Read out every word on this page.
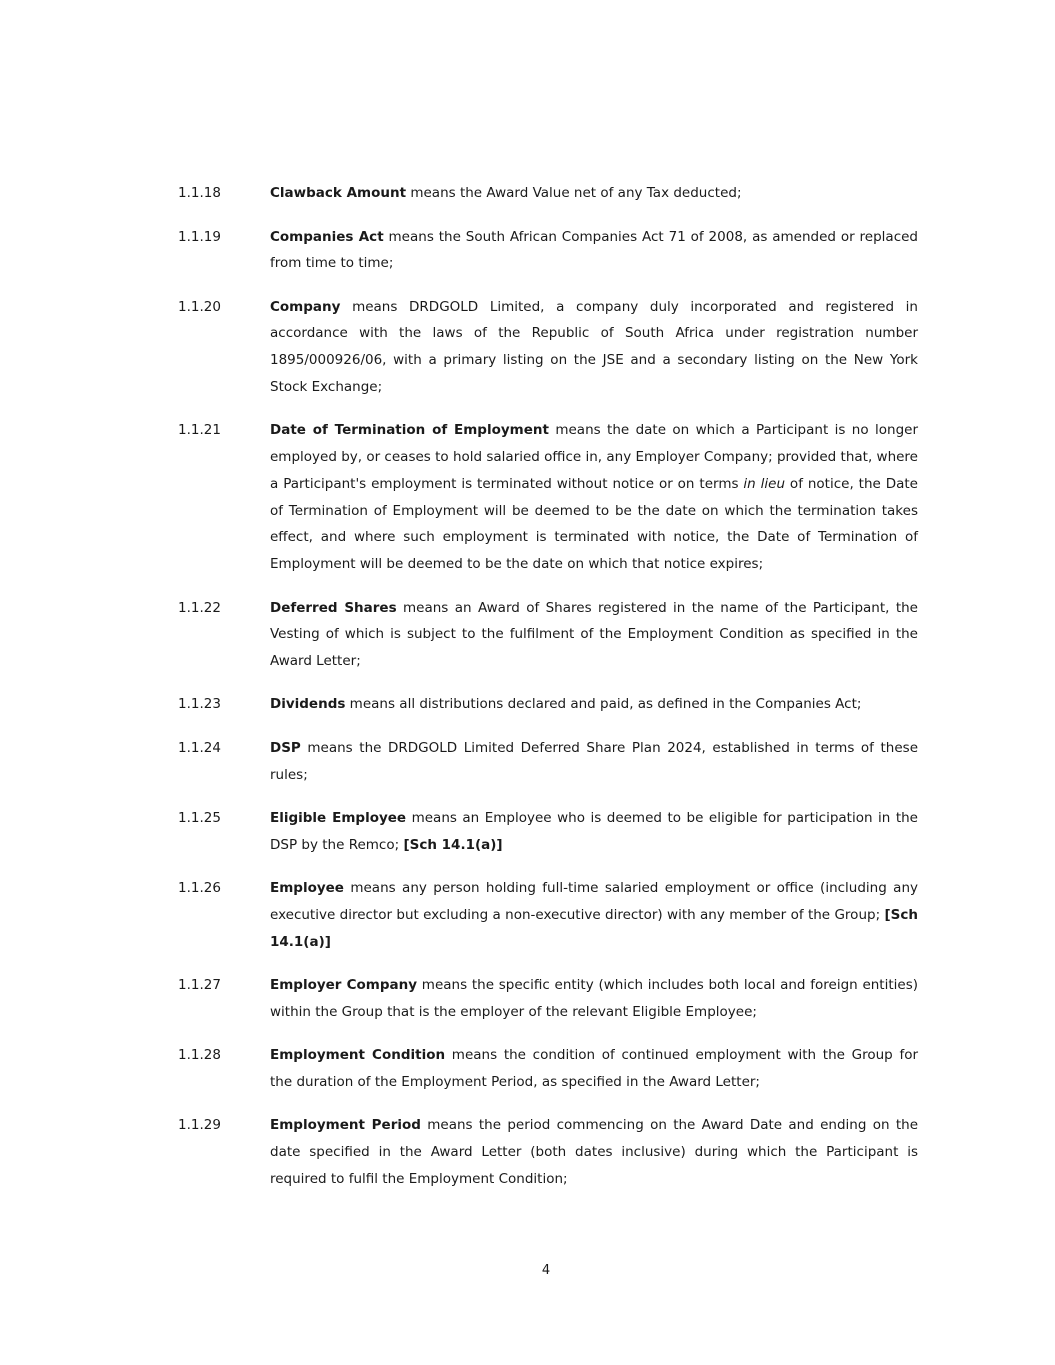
1.1.18	Clawback Amount means the Award Value net of any Tax deducted;
1.1.19	Companies Act means the South African Companies Act 71 of 2008, as amended or replaced from time to time;
1.1.20	Company means DRDGOLD Limited, a company duly incorporated and registered in accordance with the laws of the Republic of South Africa under registration number 1895/000926/06, with a primary listing on the JSE and a secondary listing on the New York Stock Exchange;
1.1.21	Date of Termination of Employment means the date on which a Participant is no longer employed by, or ceases to hold salaried office in, any Employer Company; provided that, where a Participant's employment is terminated without notice or on terms in lieu of notice, the Date of Termination of Employment will be deemed to be the date on which the termination takes effect, and where such employment is terminated with notice, the Date of Termination of Employment will be deemed to be the date on which that notice expires;
1.1.22	Deferred Shares means an Award of Shares registered in the name of the Participant, the Vesting of which is subject to the fulfilment of the Employment Condition as specified in the Award Letter;
1.1.23	Dividends means all distributions declared and paid, as defined in the Companies Act;
1.1.24	DSP means the DRDGOLD Limited Deferred Share Plan 2024, established in terms of these rules;
1.1.25	Eligible Employee means an Employee who is deemed to be eligible for participation in the DSP by the Remco; [Sch 14.1(a)]
1.1.26	Employee means any person holding full-time salaried employment or office (including any executive director but excluding a non-executive director) with any member of the Group; [Sch 14.1(a)]
1.1.27	Employer Company means the specific entity (which includes both local and foreign entities) within the Group that is the employer of the relevant Eligible Employee;
1.1.28	Employment Condition means the condition of continued employment with the Group for the duration of the Employment Period, as specified in the Award Letter;
1.1.29	Employment Period means the period commencing on the Award Date and ending on the date specified in the Award Letter (both dates inclusive) during which the Participant is required to fulfil the Employment Condition;
4
